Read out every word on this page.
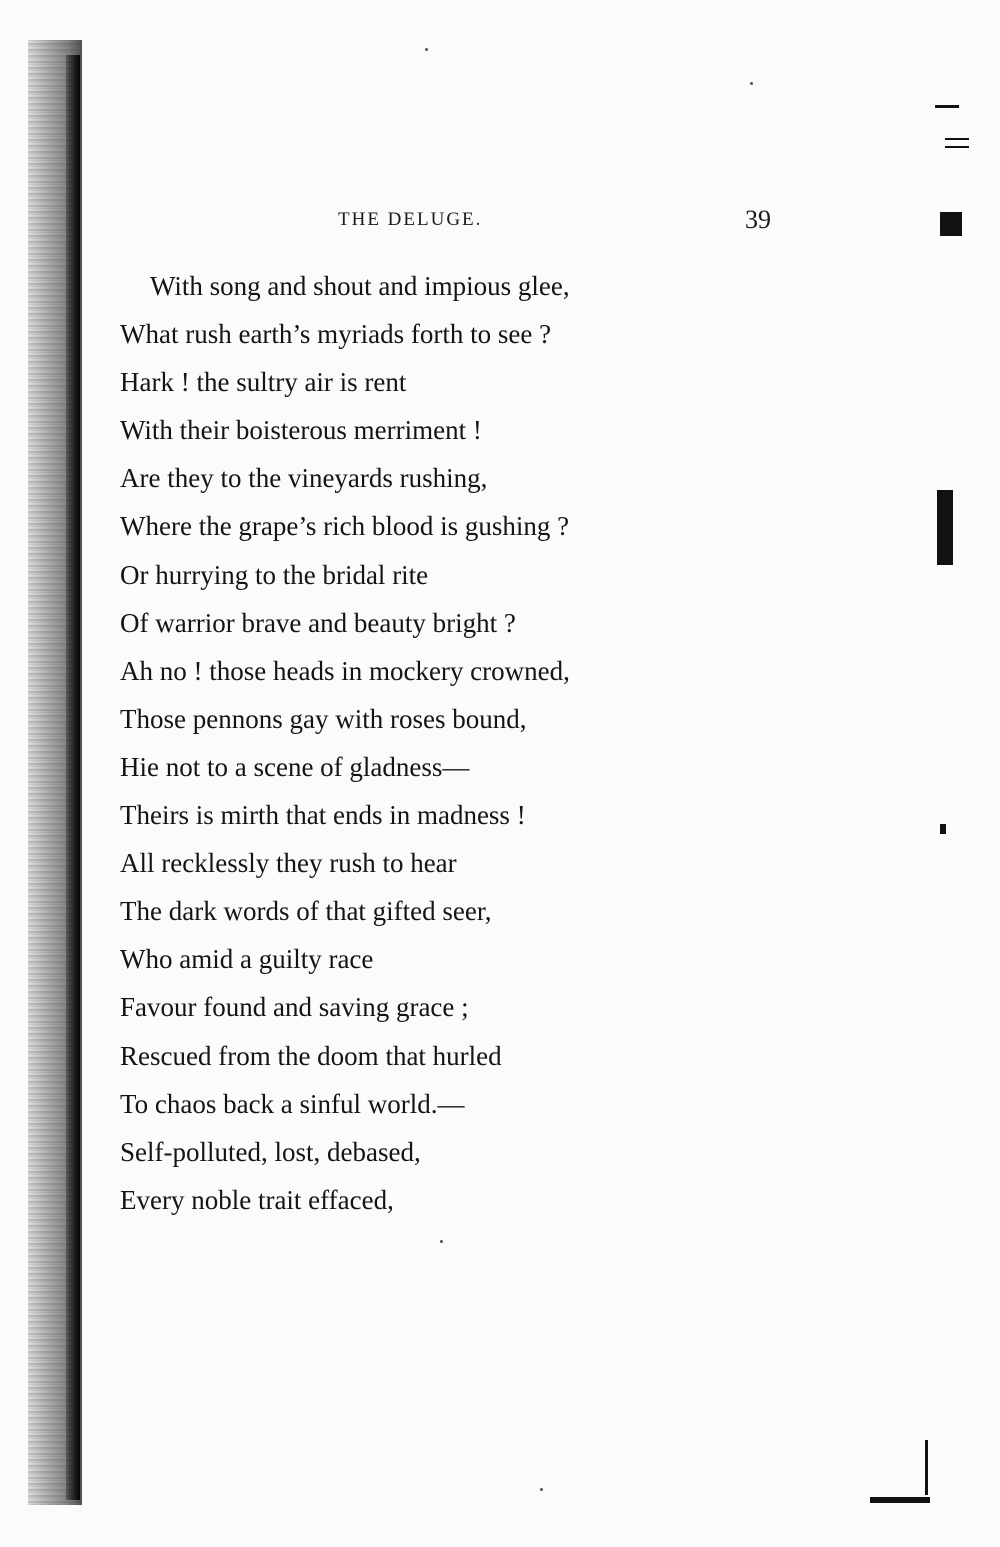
THE DELUGE.	39
With song and shout and impious glee,
What rush earth’s myriads forth to see ?
Hark ! the sultry air is rent
With their boisterous merriment !
Are they to the vineyards rushing,
Where the grape’s rich blood is gushing ?
Or hurrying to the bridal rite
Of warrior brave and beauty bright ?
Ah no ! those heads in mockery crowned,
Those pennons gay with roses bound,
Hie not to a scene of gladness—
Theirs is mirth that ends in madness !
All recklessly they rush to hear
The dark words of that gifted seer,
Who amid a guilty race
Favour found and saving grace ;
Rescued from the doom that hurled
To chaos back a sinful world.—
Self-polluted, lost, debased,
Every noble trait effaced,
